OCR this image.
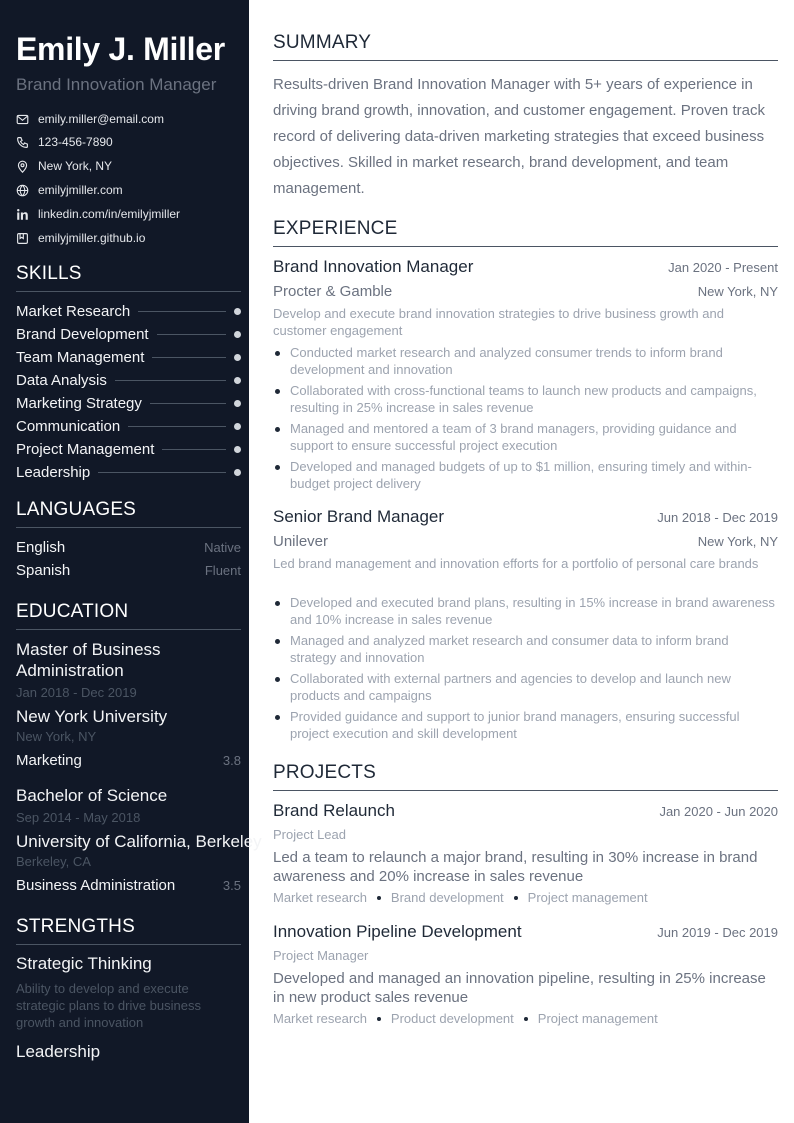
Emily J. Miller
Brand Innovation Manager
emily.miller@email.com
123-456-7890
New York, NY
emilyjmiller.com
linkedin.com/in/emilyjmiller
emilyjmiller.github.io
SKILLS
Market Research
Brand Development
Team Management
Data Analysis
Marketing Strategy
Communication
Project Management
Leadership
LANGUAGES
English	Native
Spanish	Fluent
EDUCATION
Master of Business Administration
Jan 2018 - Dec 2019
New York University
New York, NY
Marketing	3.8
Bachelor of Science
Sep 2014 - May 2018
University of California, Berkeley
Berkeley, CA
Business Administration	3.5
STRENGTHS
Strategic Thinking
Ability to develop and execute strategic plans to drive business growth and innovation
Leadership
SUMMARY
Results-driven Brand Innovation Manager with 5+ years of experience in driving brand growth, innovation, and customer engagement. Proven track record of delivering data-driven marketing strategies that exceed business objectives. Skilled in market research, brand development, and team management.
EXPERIENCE
Brand Innovation Manager	Jan 2020 - Present
Procter & Gamble	New York, NY
Develop and execute brand innovation strategies to drive business growth and customer engagement
Conducted market research and analyzed consumer trends to inform brand development and innovation
Collaborated with cross-functional teams to launch new products and campaigns, resulting in 25% increase in sales revenue
Managed and mentored a team of 3 brand managers, providing guidance and support to ensure successful project execution
Developed and managed budgets of up to $1 million, ensuring timely and within-budget project delivery
Senior Brand Manager	Jun 2018 - Dec 2019
Unilever	New York, NY
Led brand management and innovation efforts for a portfolio of personal care brands
Developed and executed brand plans, resulting in 15% increase in brand awareness and 10% increase in sales revenue
Managed and analyzed market research and consumer data to inform brand strategy and innovation
Collaborated with external partners and agencies to develop and launch new products and campaigns
Provided guidance and support to junior brand managers, ensuring successful project execution and skill development
PROJECTS
Brand Relaunch	Jan 2020 - Jun 2020
Project Lead
Led a team to relaunch a major brand, resulting in 30% increase in brand awareness and 20% increase in sales revenue
Market research Brand development Project management
Innovation Pipeline Development	Jun 2019 - Dec 2019
Project Manager
Developed and managed an innovation pipeline, resulting in 25% increase in new product sales revenue
Market research Product development Project management
